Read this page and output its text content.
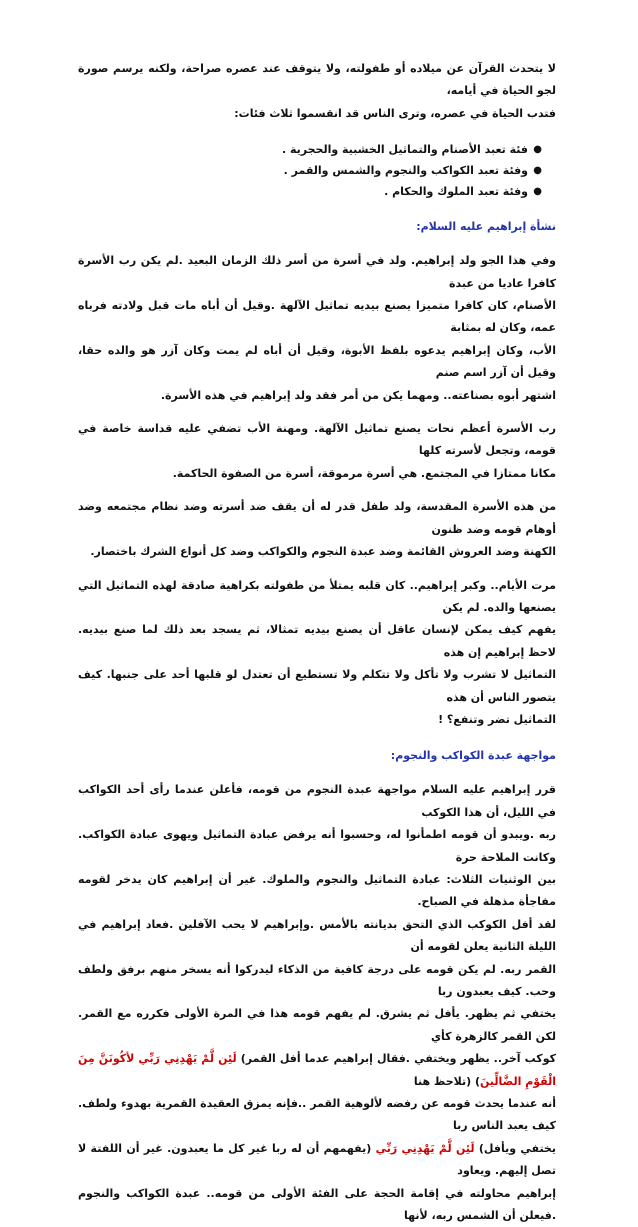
لا يتحدث القرآن عن ميلاده أو طفولته، ولا يتوقف عند عصره صراحة، ولكنه يرسم صورة لجو الحياة في أيامه،
فتدب الحياة في عصره، وترى الناس قد انقسموا ثلاث فئات:

●
فئة تعبد الأصنام والتماثيل الخشبية والحجرية .
●
وفئة تعبد الكواكب والنجوم والشمس والقمر .
●
وفئة تعبد الملوك والحكام .
نشأة إبراهيم عليه السلام:

وفي هذا الجو ولد إبراهيم. ولد في أسرة من أسر ذلك الزمان البعيد .لم يكن رب الأسرة كافرا عاديا من عبدة
الأصنام، كان كافرا متميزا يصنع بيديه تماثيل الآلهة .وقيل أن أباه مات قبل ولادته فرباه عمه، وكان له بمثابة
الأب، وكان إبراهيم يدعوه بلفظ الأبوة، وقيل أن أباه لم يمت وكان آزر هو والده حقا، وقيل أن آزر اسم صنم
اشتهر أبوه بصناعته.. ومهما يكن من أمر فقد ولد إبراهيم في هذه الأسرة.

رب الأسرة أعظم نحات يصنع تماثيل الآلهة. ومهنة الأب تضفي عليه قداسة خاصة في قومه، وتجعل لأسرته كلها
مكانا ممتازا في المجتمع. هي أسرة مرموقة، أسرة من الصفوة الحاكمة.

من هذه الأسرة المقدسة، ولد طفل قدر له أن يقف ضد أسرته وضد نظام مجتمعه وضد أوهام قومه وضد ظنون
الكهنة وضد العروش القائمة وضد عبدة النجوم والكواكب وضد كل أنواع الشرك باختصار.

مرت الأيام.. وكبر إبراهيم.. كان قلبه يمتلأ من طفولته بكراهية صادقة لهذه التماثيل التي يصنعها والده. لم يكن
يفهم كيف يمكن لإنسان عاقل أن يصنع بيديه تمثالا، ثم يسجد بعد ذلك لما صنع بيديه. لاحظ إبراهيم إن هذه
التماثيل لا تشرب ولا تأكل ولا تتكلم ولا تستطيع أن تعتدل لو قلبها أحد على جنبها. كيف يتصور الناس أن هذه
التماثيل تضر وتنفع؟ !

مواجهة عبدة الكواكب والنجوم:

قرر إبراهيم عليه السلام مواجهة عبدة النجوم من قومه، فأعلن عندما رأى أحد الكواكب في الليل، أن هذا الكوكب

ربه .ويبدو أن قومه اطمأنوا له، وحسبوا أنه يرفض عبادة التماثيل ويهوى عبادة الكواكب. وكانت الملاحة حرة

بين الوثنيات الثلاث: عبادة التماثيل والنجوم والملوك. غير أن إبراهيم كان يدخر لقومه مفاجأة مذهلة في الصباح.

لقد أفل الكوكب الذي التحق بديانته بالأمس .وإبراهيم لا يحب الآفلين .فعاد إبراهيم في الليلة الثانية يعلن لقومه أن

القمر ربه. لم يكن قومه على درجة كافية من الذكاء ليدركوا أنه يسخر منهم برفق ولطف وحب. كيف يعبدون ربا

يختفي ثم يظهر. يأفل ثم يشرق. لم يفهم قومه هذا في المرة الأولى فكرره مع القمر. لكن القمر كالزهرة كأي

كوكب آخر.. يظهر ويختفي .فقال إبراهيم عدما أفل القمر) لَئِن لَّمْ يَهْدِنِي رَبِّي لأكُونَنَّ مِنَ الْقَوْمِ الضَّالِّينَ) (تلاحظ هنا

أنه عندما يحدث قومه عن رفضه لألوهية القمر ..فإنه يمزق العقيدة القمرية بهدوء ولطف. كيف يعبد الناس ربا

يختفي ويأفل) لَئِن لَّمْ يَهْدِنِي رَبِّي (يفهمهم أن له ربا غير كل ما يعبدون. غير أن اللفتة لا تصل إليهم. ويعاود

إبراهيم محاولته في إقامة الحجة على الفئة الأولى من قومه.. عبدة الكواكب والنجوم .فيعلن أن الشمس ربه، لأنها
